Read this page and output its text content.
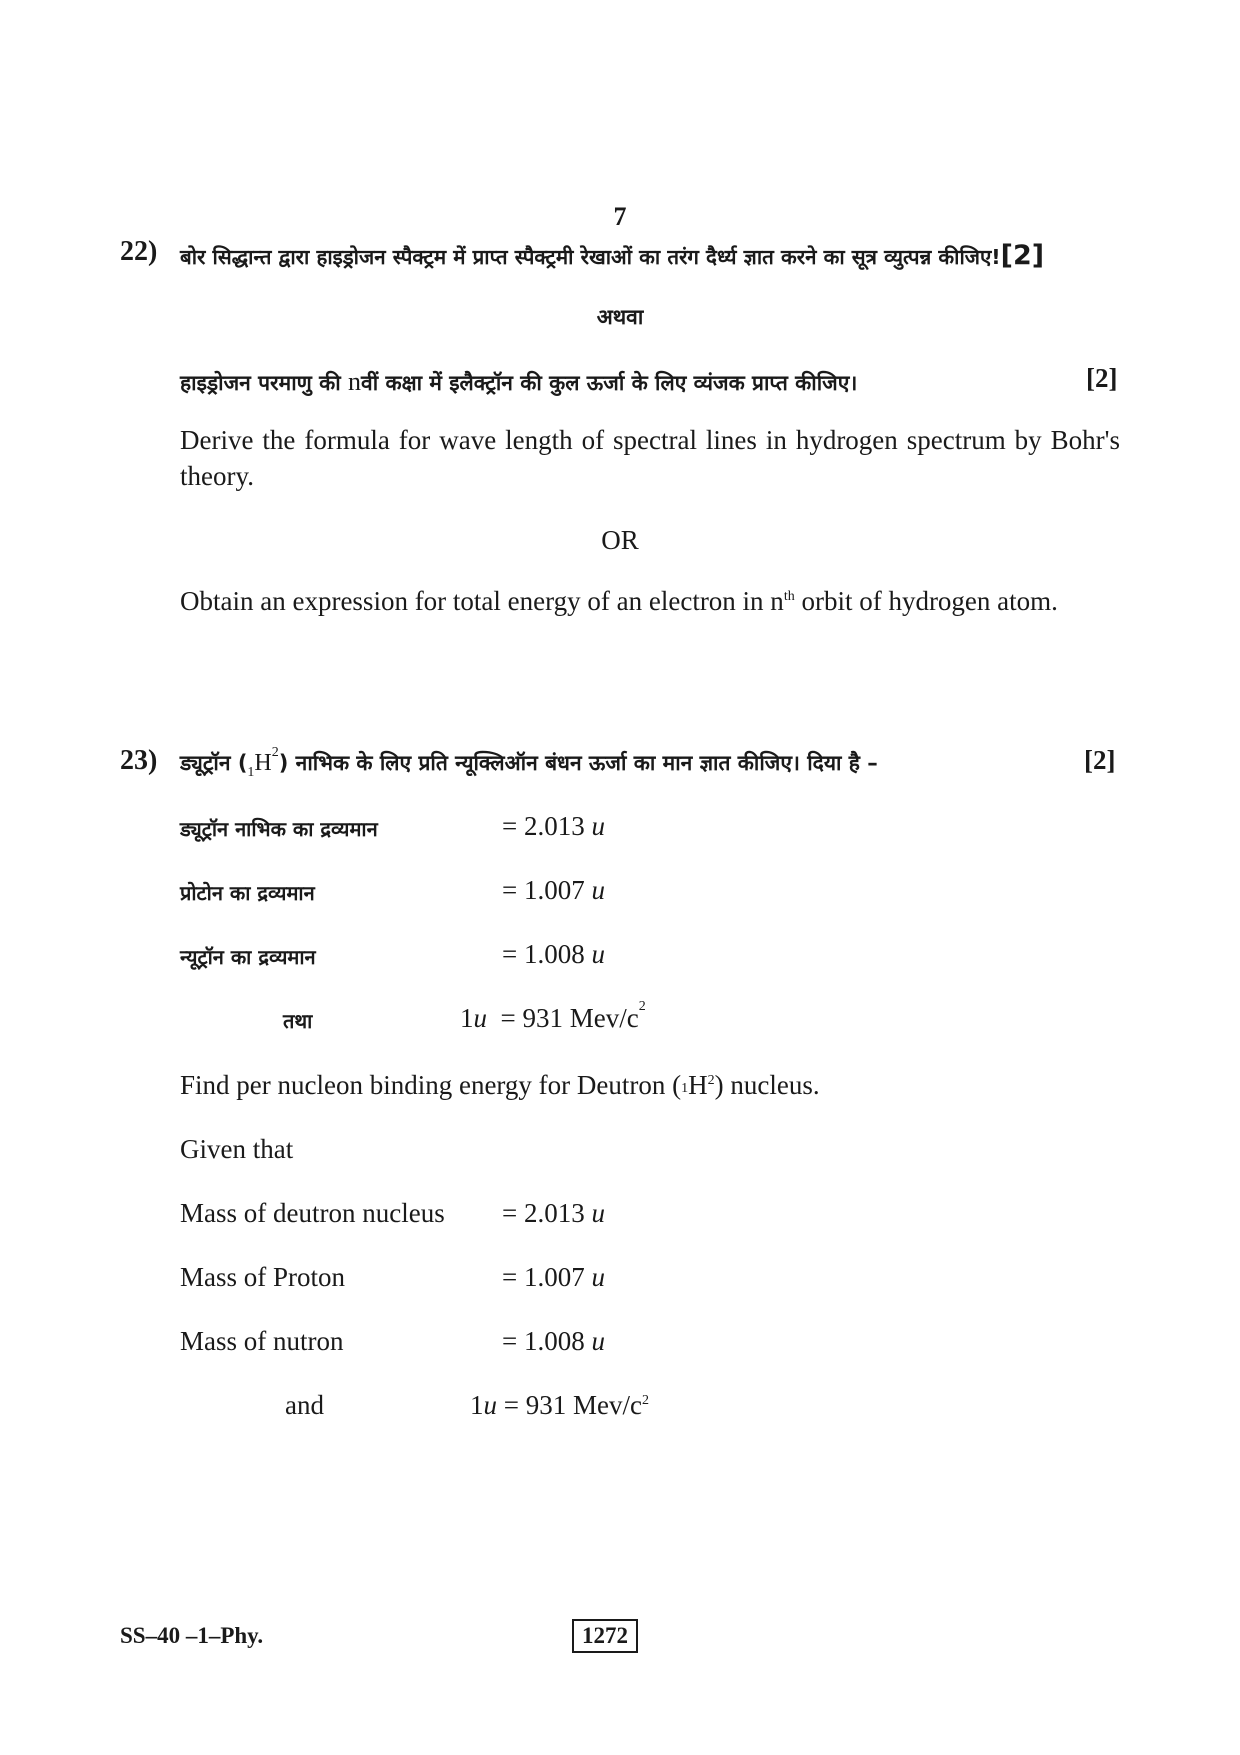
7
22) बोर सिद्धान्त द्वारा हाइड्रोजन स्पैक्ट्रम में प्राप्त स्पैक्ट्रमी रेखाओं का तरंग दैर्ध्य ज्ञात करने का सूत्र व्युत्पन्न कीजिए![2]
अथवा
हाइड्रोजन परमाणु की nवीं कक्षा में इलैक्ट्रॉन की कुल ऊर्जा के लिए व्यंजक प्राप्त कीजिए।	[2]
Derive the formula for wave length of spectral lines in hydrogen spectrum by Bohr's theory.
OR
Obtain an expression for total energy of an electron in $n^{th}$ orbit of hydrogen atom.
23) ड्यूट्रॉन $(_1H^2)$ नाभिक के लिए प्रति न्यूक्लिऑन बंधन ऊर्जा का मान ज्ञात कीजिए। दिया है –	[2]
ड्यूट्रॉन नाभिक का द्रव्यमान	= 2.013 u
प्रोटोन का द्रव्यमान	= 1.007 u
न्यूट्रॉन का द्रव्यमान	= 1.008 u
तथा	1u = 931 Mev/$c^2$
Find per nucleon binding energy for Deutron $(_1H^2)$ nucleus.
Given that
Mass of deutron nucleus = 2.013 u
Mass of Proton	= 1.007 u
Mass of nutron	= 1.008 u
and	1u = 931 Mev/$c^2$
SS–40 –1–Phy.	1272
